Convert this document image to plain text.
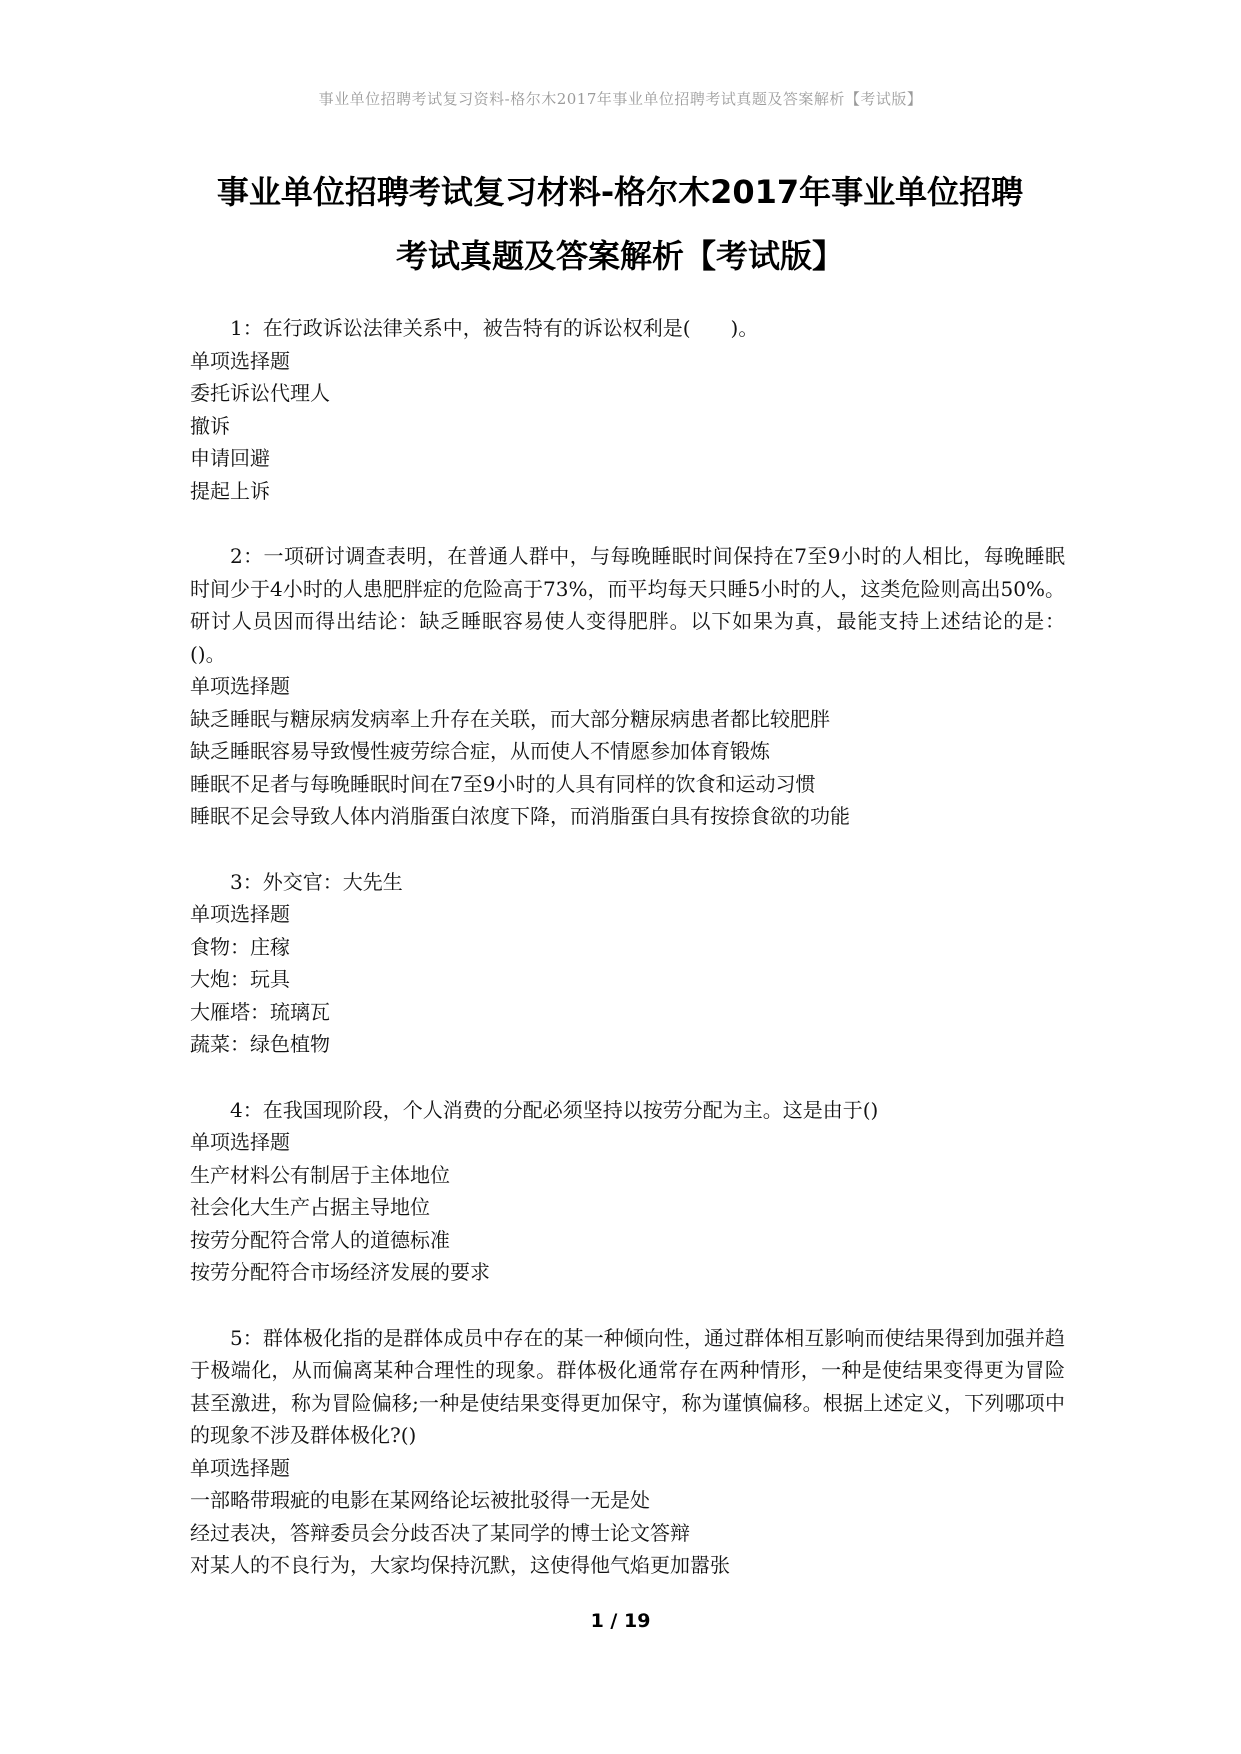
事业单位招聘考试复习资料-格尔木2017年事业单位招聘考试真题及答案解析【考试版】
事业单位招聘考试复习材料-格尔木2017年事业单位招聘
考试真题及答案解析【考试版】

1：在行政诉讼法律关系中，被告特有的诉讼权利是(　　)。

单项选择题

委托诉讼代理人

撤诉

申请回避

提起上诉

2：一项研讨调查表明，在普通人群中，与每晚睡眠时间保持在7至9小时的人相比，每晚睡眠时间少于4小时的人患肥胖症的危险高于73%，而平均每天只睡5小时的人，这类危险则高出50%。研讨人员因而得出结论：缺乏睡眠容易使人变得肥胖。以下如果为真，最能支持上述结论的是：()。

单项选择题

缺乏睡眠与糖尿病发病率上升存在关联，而大部分糖尿病患者都比较肥胖

缺乏睡眠容易导致慢性疲劳综合症，从而使人不情愿参加体育锻炼

睡眠不足者与每晚睡眠时间在7至9小时的人具有同样的饮食和运动习惯

睡眠不足会导致人体内消脂蛋白浓度下降，而消脂蛋白具有按捺食欲的功能

3：外交官：大先生

单项选择题

食物：庄稼

大炮：玩具

大雁塔：琉璃瓦

蔬菜：绿色植物

4：在我国现阶段，个人消费的分配必须坚持以按劳分配为主。这是由于()

单项选择题

生产材料公有制居于主体地位

社会化大生产占据主导地位

按劳分配符合常人的道德标准

按劳分配符合市场经济发展的要求

5：群体极化指的是群体成员中存在的某一种倾向性，通过群体相互影响而使结果得到加强并趋于极端化，从而偏离某种合理性的现象。群体极化通常存在两种情形，一种是使结果变得更为冒险甚至激进，称为冒险偏移;一种是使结果变得更加保守，称为谨慎偏移。根据上述定义，下列哪项中的现象不涉及群体极化?()

单项选择题

一部略带瑕疵的电影在某网络论坛被批驳得一无是处

经过表决，答辩委员会分歧否决了某同学的博士论文答辩

对某人的不良行为，大家均保持沉默，这使得他气焰更加嚣张

1 / 19
